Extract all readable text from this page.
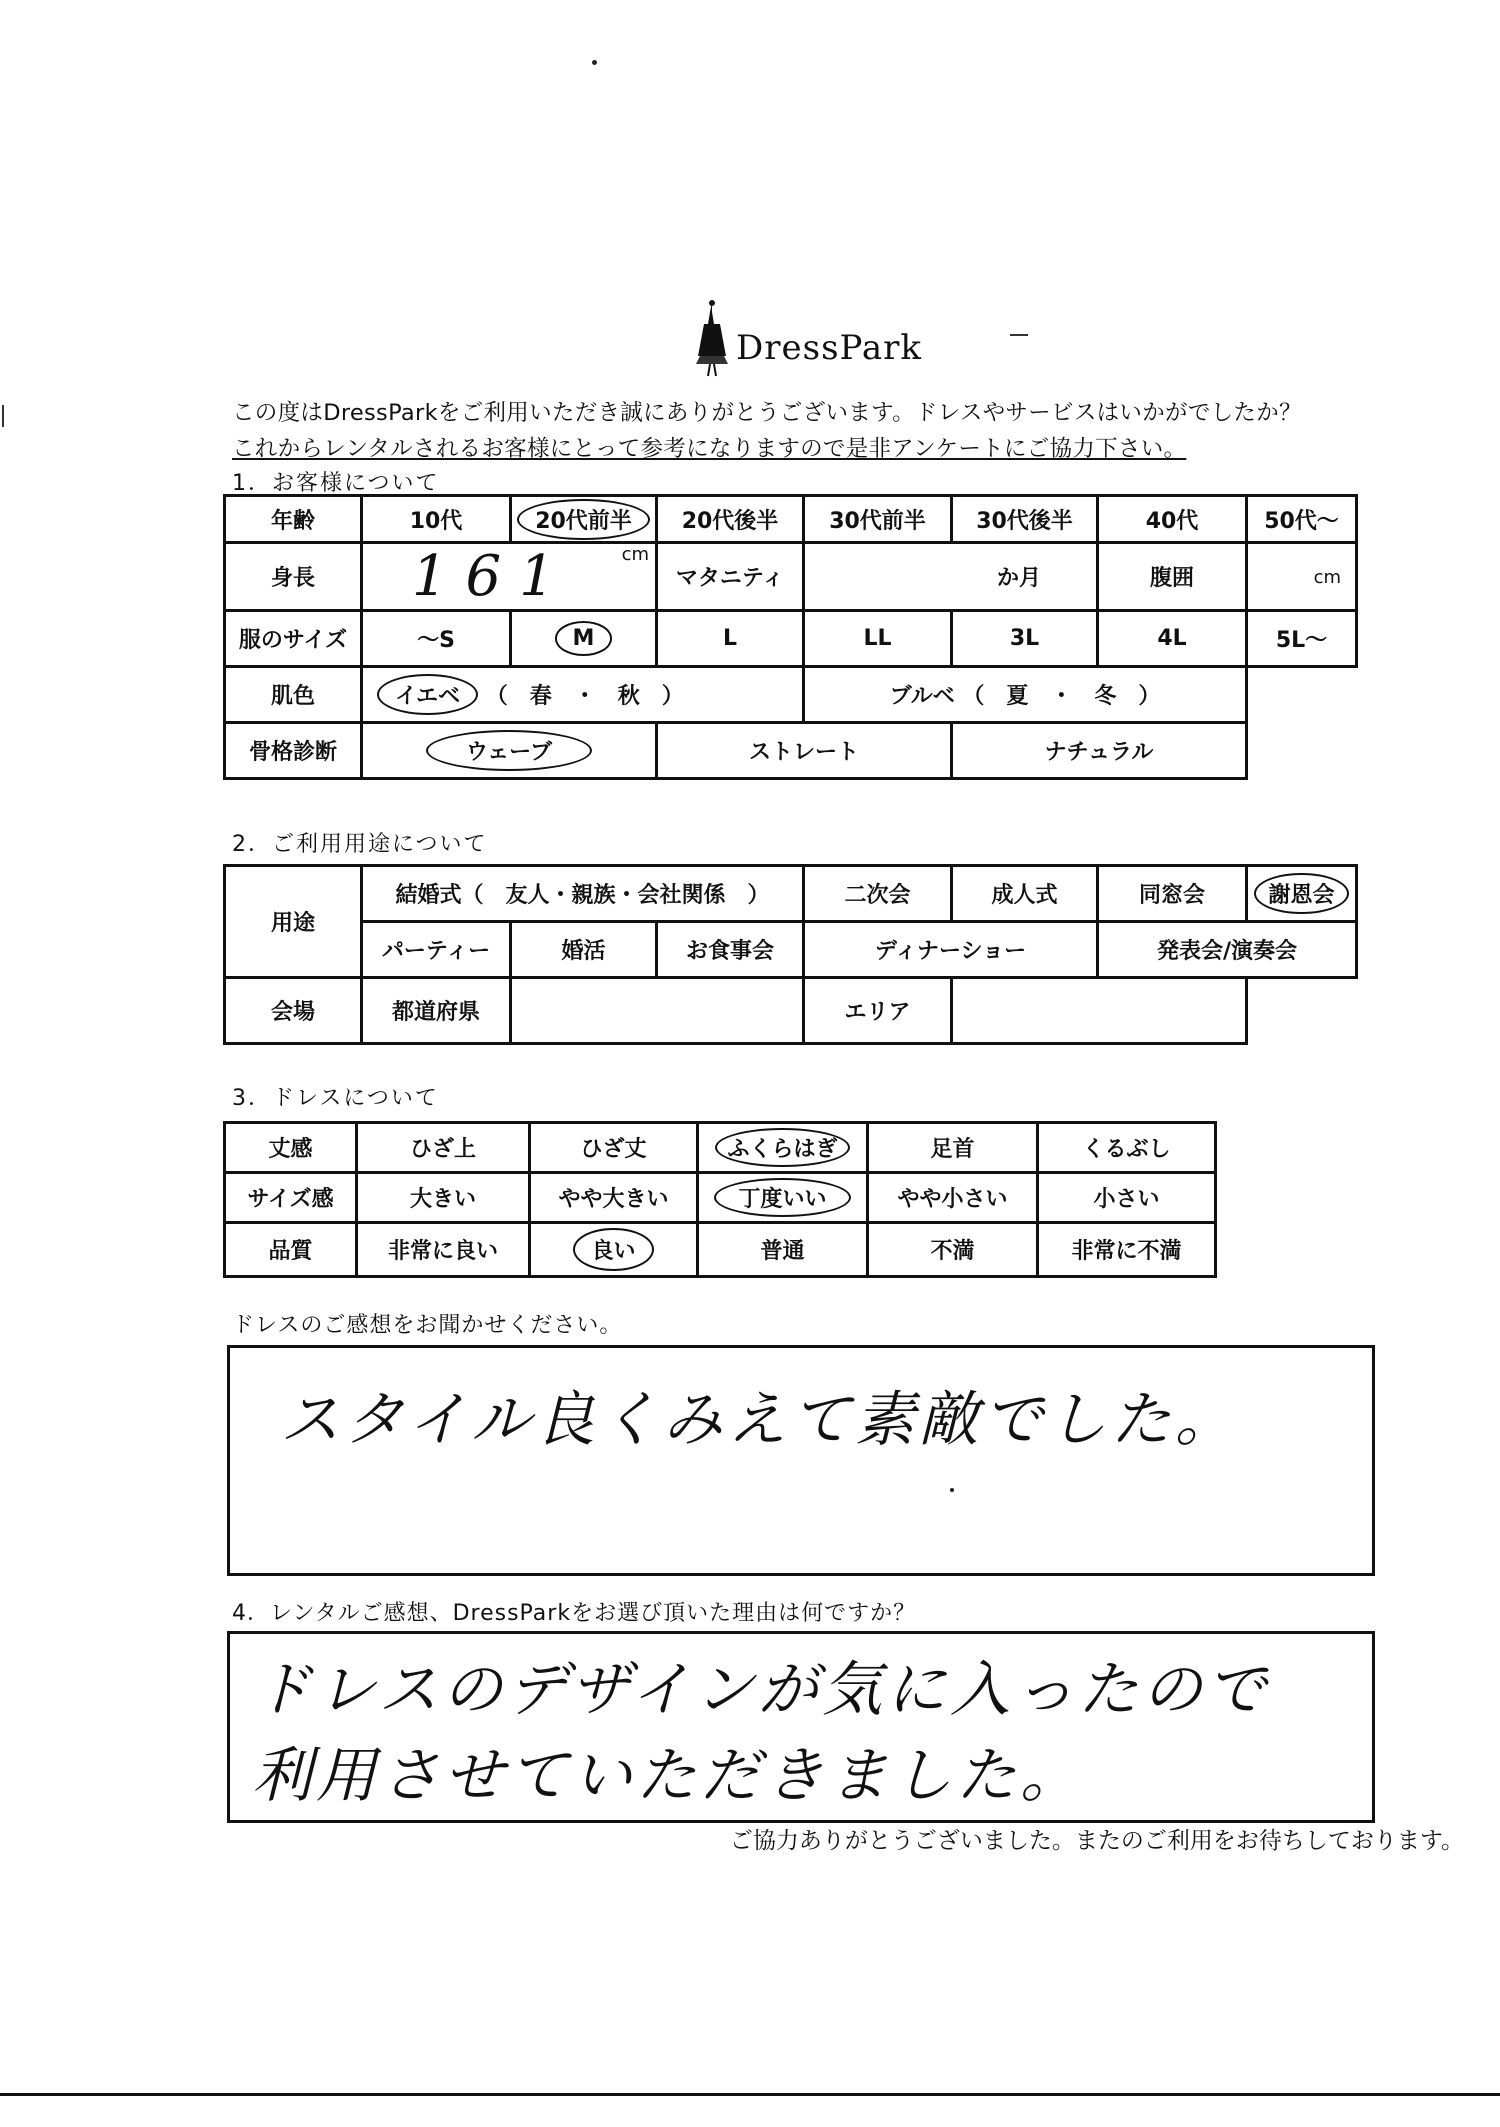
DressPark
この度はDressParkをご利用いただき誠にありがとうございます。ドレスやサービスはいかがでしたか？
これからレンタルされるお客様にとって参考になりますので是非アンケートにご協力下さい。
1．お客様について
年齢	10代	20代前半	20代後半	30代前半	30代後半	40代	50代～
身長	161 cm		マタニティ	か月		腹囲	cm
服のサイズ	～S	M	L	LL	3L	4L	5L～
肌色	イエベ （　春　・　秋　）			ブルベ （　夏　・　冬　）			
骨格診断	ウェーブ		ストレート		ナチュラル		
2．ご利用用途について
用途	結婚式（　友人・親族・会社関係　）			二次会	成人式	同窓会	謝恩会
	パーティー	婚活	お食事会	ディナーショー		発表会/演奏会	
会場	都道府県			エリア			
3．ドレスについて
丈感	ひざ上	ひざ丈	ふくらはぎ	足首	くるぶし
サイズ感	大きい	やや大きい	丁度いい	やや小さい	小さい
品質	非常に良い	良い	普通	不満	非常に不満
ドレスのご感想をお聞かせください。
スタイル良くみえて素敵でした。
4．レンタルご感想、DressParkをお選び頂いた理由は何ですか？
ドレスのデザインが気に入ったので
利用させていただきました。
ご協力ありがとうございました。またのご利用をお待ちしております。
